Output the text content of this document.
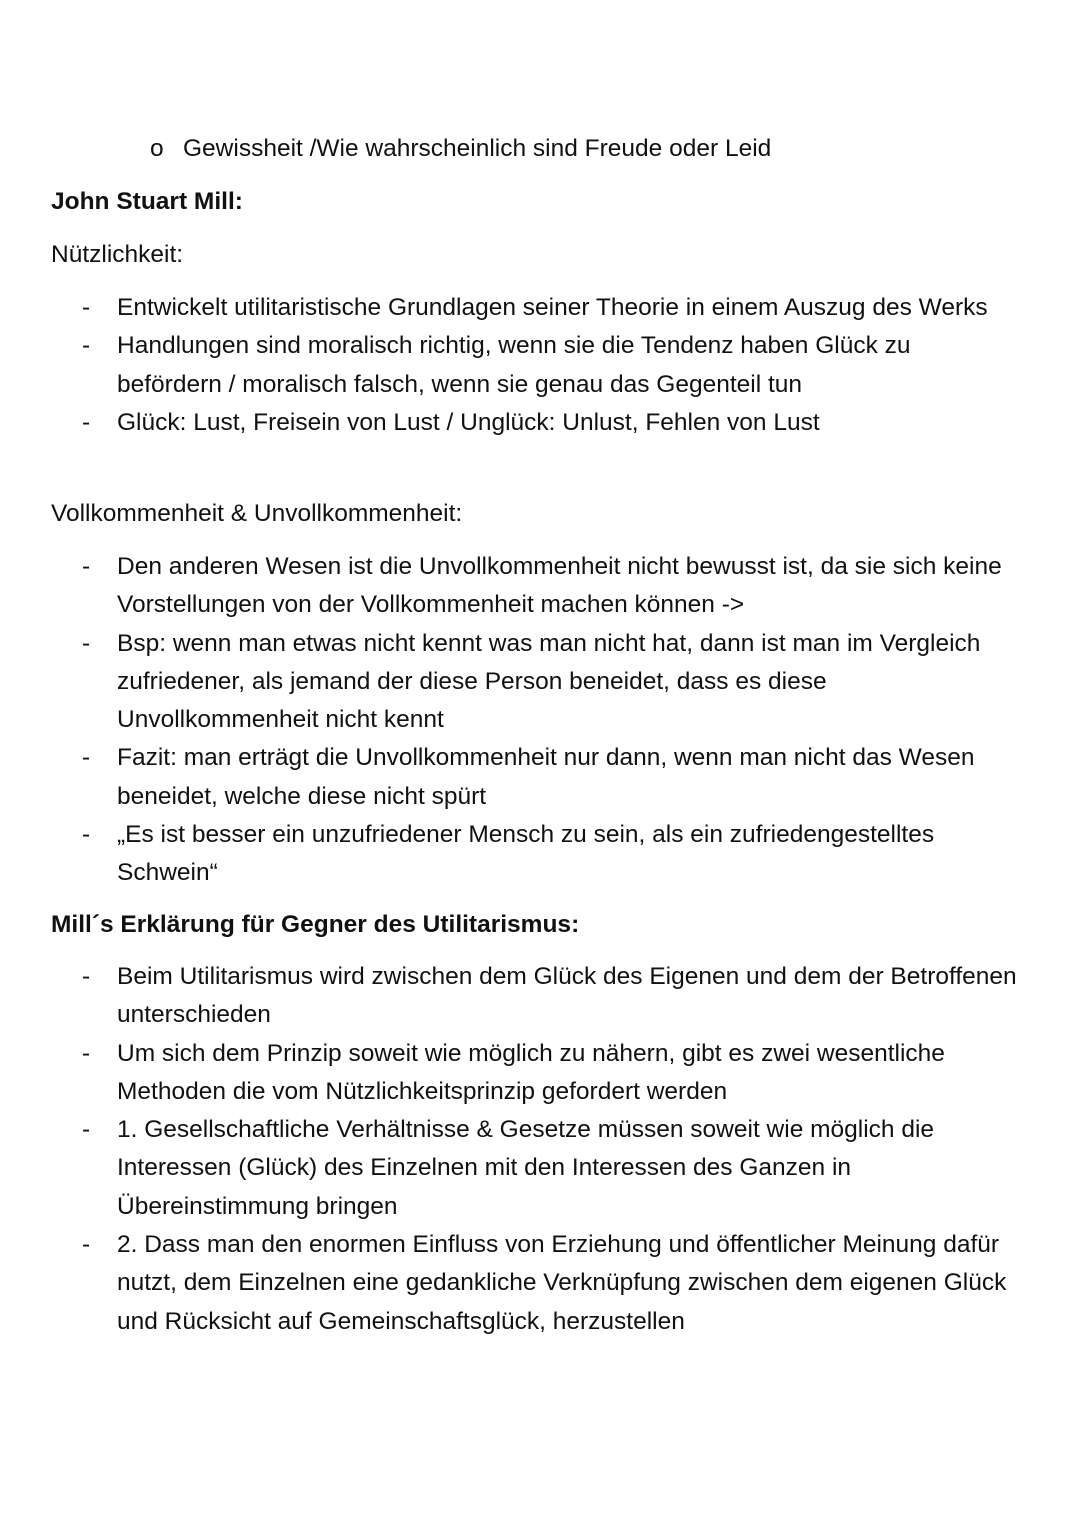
o Gewissheit /Wie wahrscheinlich sind Freude oder Leid
John Stuart Mill:
Nützlichkeit:
- Entwickelt utilitaristische Grundlagen seiner Theorie in einem Auszug des Werks
- Handlungen sind moralisch richtig, wenn sie die Tendenz haben Glück zu befördern / moralisch falsch, wenn sie genau das Gegenteil tun
- Glück: Lust, Freisein von Lust / Unglück: Unlust, Fehlen von Lust
Vollkommenheit & Unvollkommenheit:
- Den anderen Wesen ist die Unvollkommenheit nicht bewusst ist, da sie sich keine Vorstellungen von der Vollkommenheit machen können ->
- Bsp: wenn man etwas nicht kennt was man nicht hat, dann ist man im Vergleich zufriedener, als jemand der diese Person beneidet, dass es diese Unvollkommenheit nicht kennt
- Fazit: man erträgt die Unvollkommenheit nur dann, wenn man nicht das Wesen beneidet, welche diese nicht spürt
- „Es ist besser ein unzufriedener Mensch zu sein, als ein zufriedengestelltes Schwein“
Mill´s Erklärung für Gegner des Utilitarismus:
- Beim Utilitarismus wird zwischen dem Glück des Eigenen und dem der Betroffenen unterschieden
- Um sich dem Prinzip soweit wie möglich zu nähern, gibt es zwei wesentliche Methoden die vom Nützlichkeitsprinzip gefordert werden
- 1. Gesellschaftliche Verhältnisse & Gesetze müssen soweit wie möglich die Interessen (Glück) des Einzelnen mit den Interessen des Ganzen in Übereinstimmung bringen
- 2. Dass man den enormen Einfluss von Erziehung und öffentlicher Meinung dafür nutzt, dem Einzelnen eine gedankliche Verknüpfung zwischen dem eigenen Glück und Rücksicht auf Gemeinschaftsglück, herzustellen
